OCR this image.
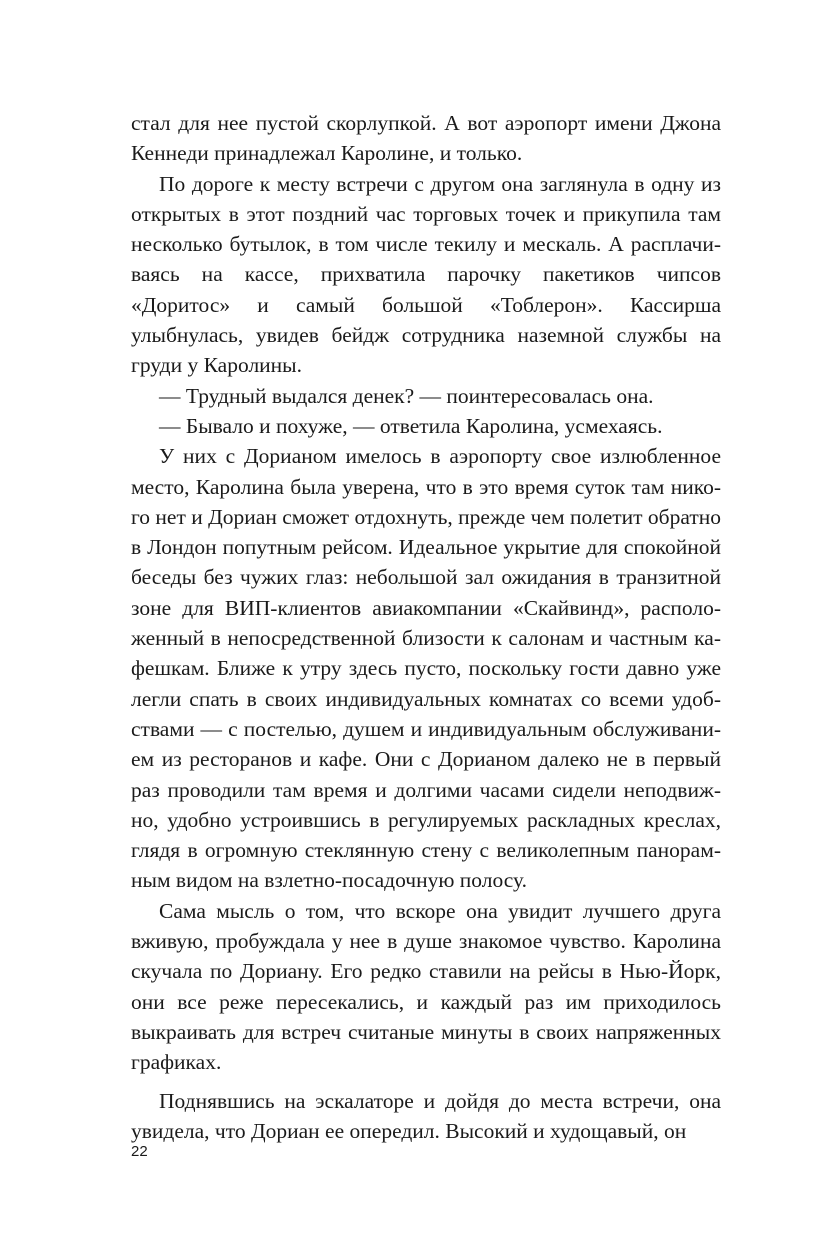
стал для нее пустой скорлупкой. А вот аэропорт имени Джона Кеннеди принадлежал Каролине, и только.

По дороге к месту встречи с другом она заглянула в одну из открытых в этот поздний час торговых точек и прикупила там несколько бутылок, в том числе текилу и мескаль. А расплачиваясь на кассе, прихватила парочку пакетиков чипсов «Доритос» и самый большой «Тоблерон». Кассирша улыбнулась, увидев бейдж сотрудника наземной службы на груди у Каролины.

— Трудный выдался денек? — поинтересовалась она.

— Бывало и похуже, — ответила Каролина, усмехаясь.

У них с Дорианом имелось в аэропорту свое излюбленное место, Каролина была уверена, что в это время суток там никого нет и Дориан сможет отдохнуть, прежде чем полетит обратно в Лондон попутным рейсом. Идеальное укрытие для спокойной беседы без чужих глаз: небольшой зал ожидания в транзитной зоне для ВИП-клиентов авиакомпании «Скайвинд», расположенный в непосредственной близости к салонам и частным кафешкам. Ближе к утру здесь пусто, поскольку гости давно уже легли спать в своих индивидуальных комнатах со всеми удобствами — с постелью, душем и индивидуальным обслуживанием из ресторанов и кафе. Они с Дорианом далеко не в первый раз проводили там время и долгими часами сидели неподвижно, удобно устроившись в регулируемых раскладных креслах, глядя в огромную стеклянную стену с великолепным панорамным видом на взлетно-посадочную полосу.

Сама мысль о том, что вскоре она увидит лучшего друга вживую, пробуждала у нее в душе знакомое чувство. Каролина скучала по Дориану. Его редко ставили на рейсы в Нью-Йорк, они все реже пересекались, и каждый раз им приходилось выкраивать для встреч считаные минуты в своих напряженных графиках.

Поднявшись на эскалаторе и дойдя до места встречи, она увидела, что Дориан ее опередил. Высокий и худощавый, он

22
